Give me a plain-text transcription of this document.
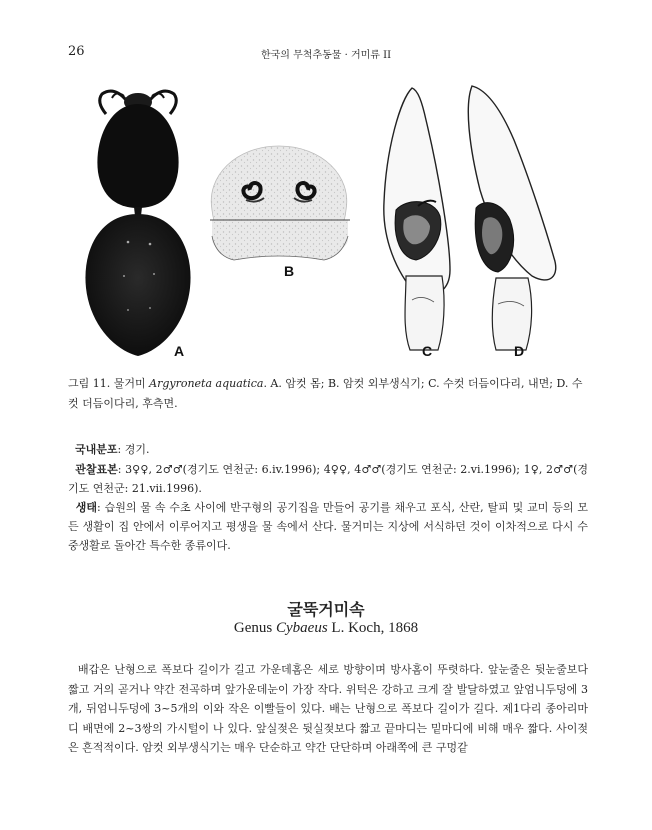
26	한국의 무척추동물 · 거미류 II
A
B
C	D
그림 11. 물거미 Argyroneta aquatica. A. 암컷 몸; B. 암컷 외부생식기; C. 수컷 더듬이다리, 내면; D. 수컷 더듬이다리, 후측면.
국내분포: 경기.
관찰표본: 3♀♀, 2♂♂(경기도 연천군: 6.iv.1996); 4♀♀, 4♂♂(경기도 연천군: 2.vi.1996); 1♀, 2♂♂(경기도 연천군: 21.vii.1996).
생태: 습원의 물 속 수초 사이에 반구형의 공기집을 만들어 공기를 채우고 포식, 산란, 탈피 및 교미 등의 모든 생활이 집 안에서 이루어지고 평생을 물 속에서 산다. 물거미는 지상에 서식하던 것이 이차적으로 다시 수중생활로 돌아간 특수한 종류이다.
굴뚝거미속
Genus Cybaeus L. Koch, 1868
배갑은 난형으로 폭보다 길이가 길고 가운데홈은 세로 방향이며 방사홈이 뚜렷하다. 앞눈줄은 뒷눈줄보다 짧고 거의 곧거나 약간 전곡하며 앞가운데눈이 가장 작다. 위턱은 강하고 크게 잘 발달하였고 앞엄니두덩에 3개, 뒤엄니두덩에 3~5개의 이와 작은 이빨들이 있다. 배는 난형으로 폭보다 길이가 길다. 제1다리 종아리마디 배면에 2~3쌍의 가시털이 나 있다. 앞실젖은 뒷실젖보다 짧고 끝마디는 밑마디에 비해 매우 짧다. 사이젖은 흔적적이다. 암컷 외부생식기는 매우 단순하고 약간 단단하며 아래쪽에 큰 구멍같
